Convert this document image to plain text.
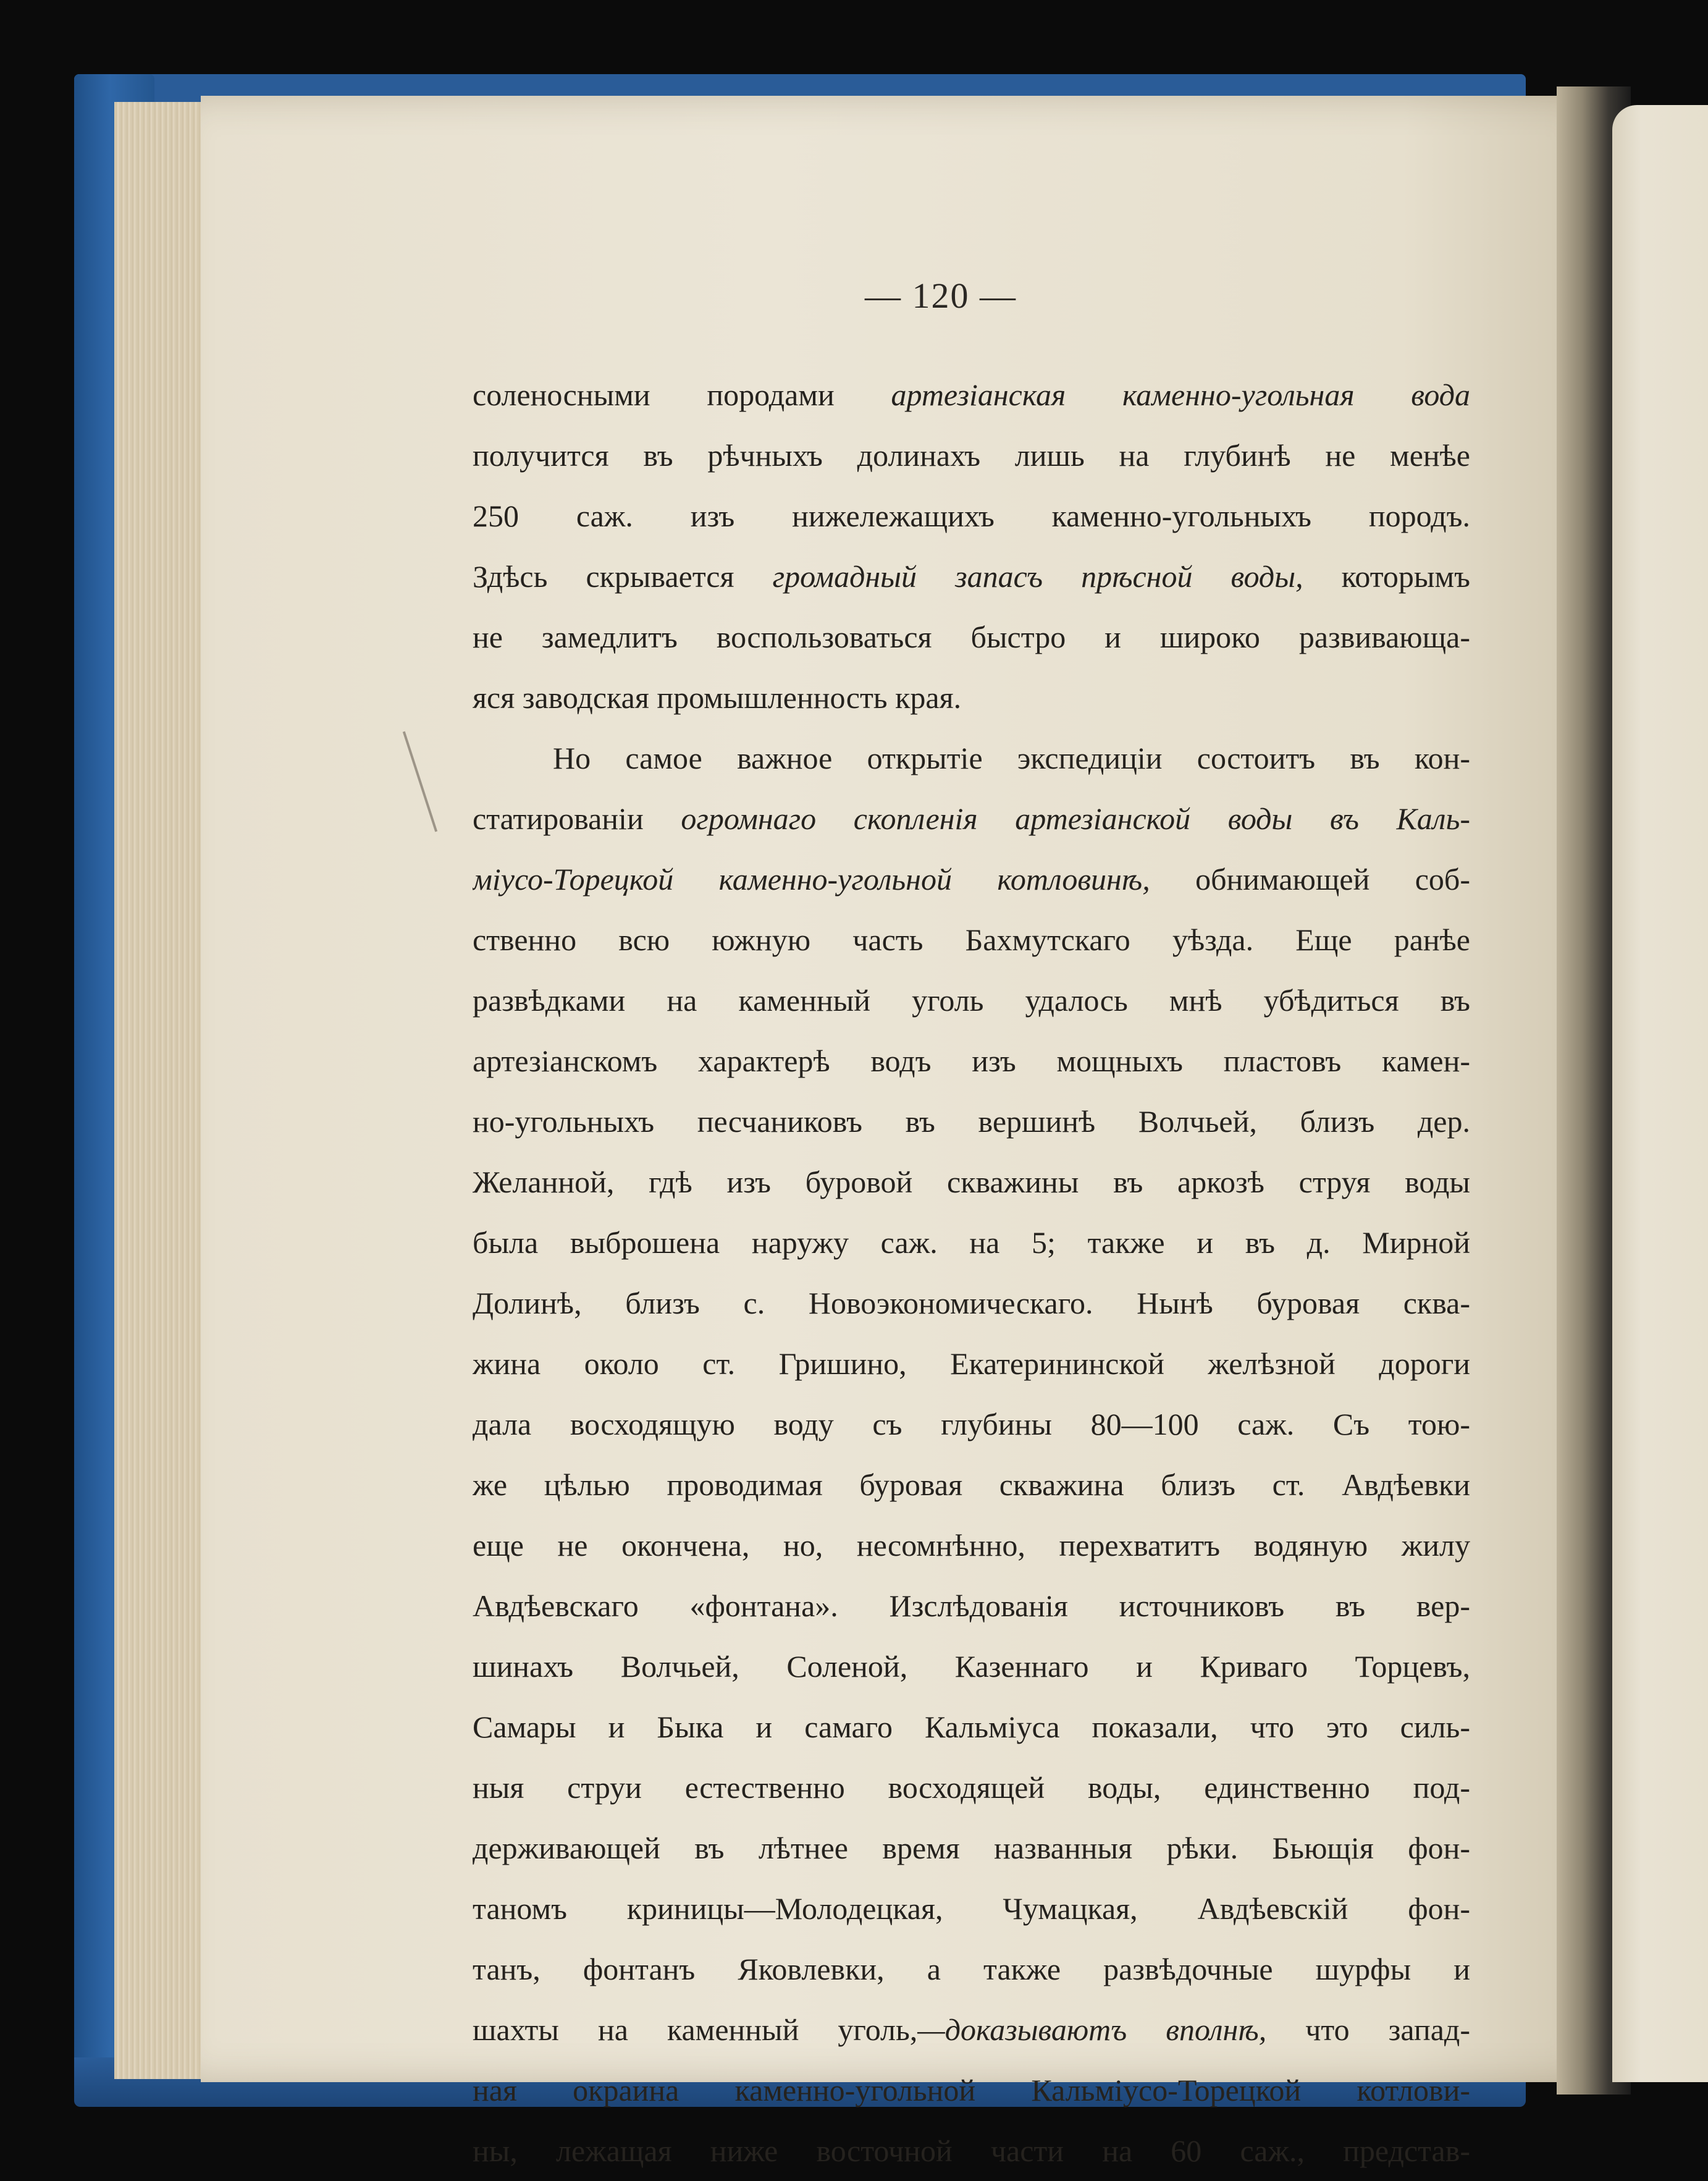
— 120 —
соленосными породами артезіанская каменно-угольная вода
получится въ рѣчныхъ долинахъ лишь на глубинѣ не менѣе
250 саж. изъ нижележащихъ каменно-угольныхъ породъ.
Здѣсь скрывается громадный запасъ прѣсной воды, которымъ
не замедлитъ воспользоваться быстро и широко развивающа-
яся заводская промышленность края.
Но самое важное открытіе экспедиціи состоитъ въ кон-
статированіи огромнаго скопленія артезіанской воды въ Каль-
міусо-Торецкой каменно-угольной котловинѣ, обнимающей соб-
ственно всю южную часть Бахмутскаго уѣзда. Еще ранѣе
развѣдками на каменный уголь удалось мнѣ убѣдиться въ
артезіанскомъ характерѣ водъ изъ мощныхъ пластовъ камен-
но-угольныхъ песчаниковъ въ вершинѣ Волчьей, близъ дер.
Желанной, гдѣ изъ буровой скважины въ аркозѣ струя воды
была выброшена наружу саж. на 5; также и въ д. Мирной
Долинѣ, близъ с. Новоэкономическаго. Нынѣ буровая сква-
жина около ст. Гришино, Екатерининской желѣзной дороги
дала восходящую воду съ глубины 80—100 саж. Съ тою-
же цѣлью проводимая буровая скважина близъ ст. Авдѣевки
еще не окончена, но, несомнѣнно, перехватитъ водяную жилу
Авдѣевскаго «фонтана». Изслѣдованія источниковъ въ вер-
шинахъ Волчьей, Соленой, Казеннаго и Криваго Торцевъ,
Самары и Быка и самаго Кальміуса показали, что это силь-
ныя струи естественно восходящей воды, единственно под-
держивающей въ лѣтнее время названныя рѣки. Бьющія фон-
таномъ криницы—Молодецкая, Чумацкая, Авдѣевскій фон-
танъ, фонтанъ Яковлевки, а также развѣдочные шурфы и
шахты на каменный уголь,—доказываютъ вполнѣ, что запад-
ная окраина каменно-угольной Кальміусо-Торецкой котлови-
ны, лежащая ниже восточной части на 60 саж., представ-
